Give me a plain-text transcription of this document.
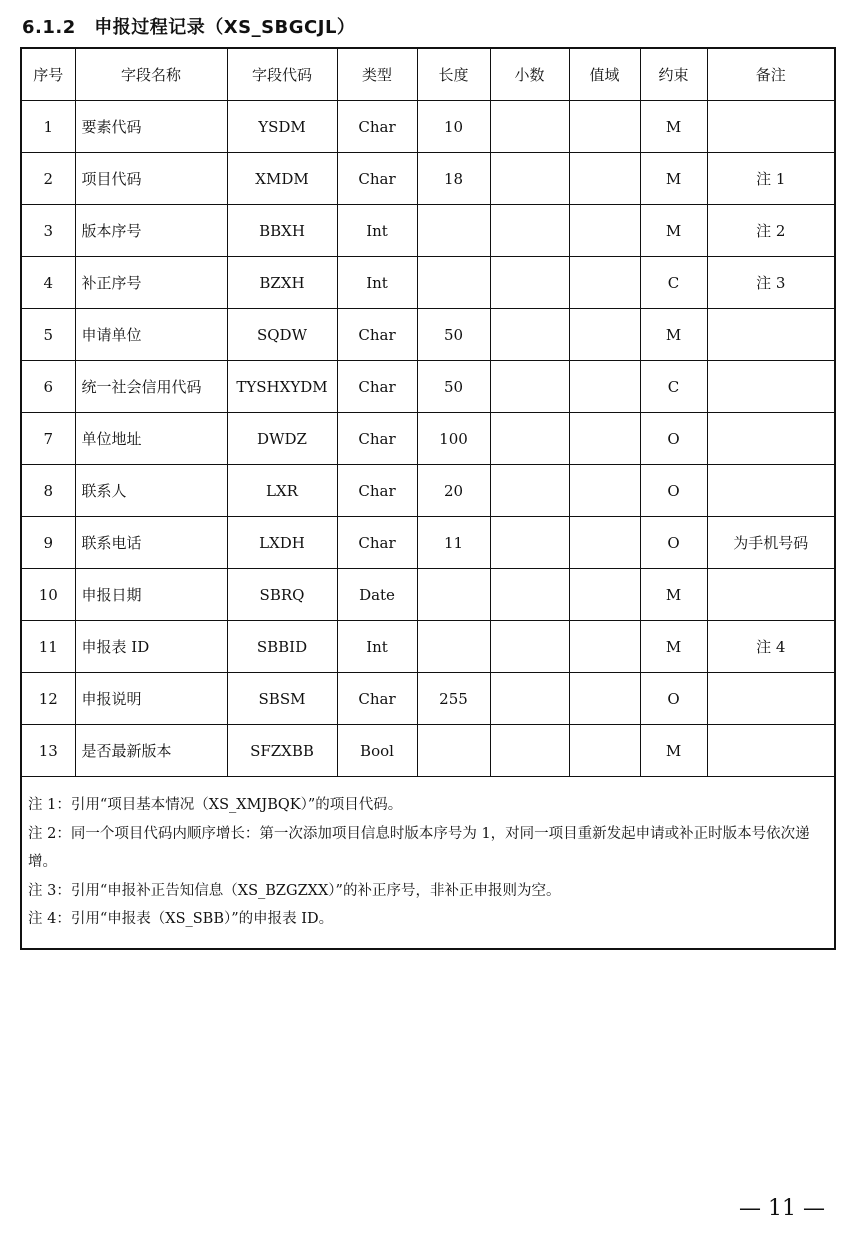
6.1.2　申报过程记录（XS_SBGCJL）
序号	字段名称	字段代码	类型	长度	小数	值域	约束	备注
1	要素代码	YSDM	Char	10			M	
2	项目代码	XMDM	Char	18			M	注 1
3	版本序号	BBXH	Int				M	注 2
4	补正序号	BZXH	Int				C	注 3
5	申请单位	SQDW	Char	50			M	
6	统一社会信用代码	TYSHXYDM	Char	50			C	
7	单位地址	DWDZ	Char	100			O	
8	联系人	LXR	Char	20			O	
9	联系电话	LXDH	Char	11			O	为手机号码
10	申报日期	SBRQ	Date				M	
11	申报表 ID	SBBID	Int				M	注 4
12	申报说明	SBSM	Char	255			O	
13	是否最新版本	SFZXBB	Bool				M	

注 1：引用“项目基本情况（XS_XMJBQK）”的项目代码。
注 2：同一个项目代码内顺序增长：第一次添加项目信息时版本序号为 1，对同一项目重新发起申请或补正时版本号依次递增。
注 3：引用“申报补正告知信息（XS_BZGZXX）”的补正序号，非补正申报则为空。
注 4：引用“申报表（XS_SBB）”的申报表 ID。								
— 11 —
